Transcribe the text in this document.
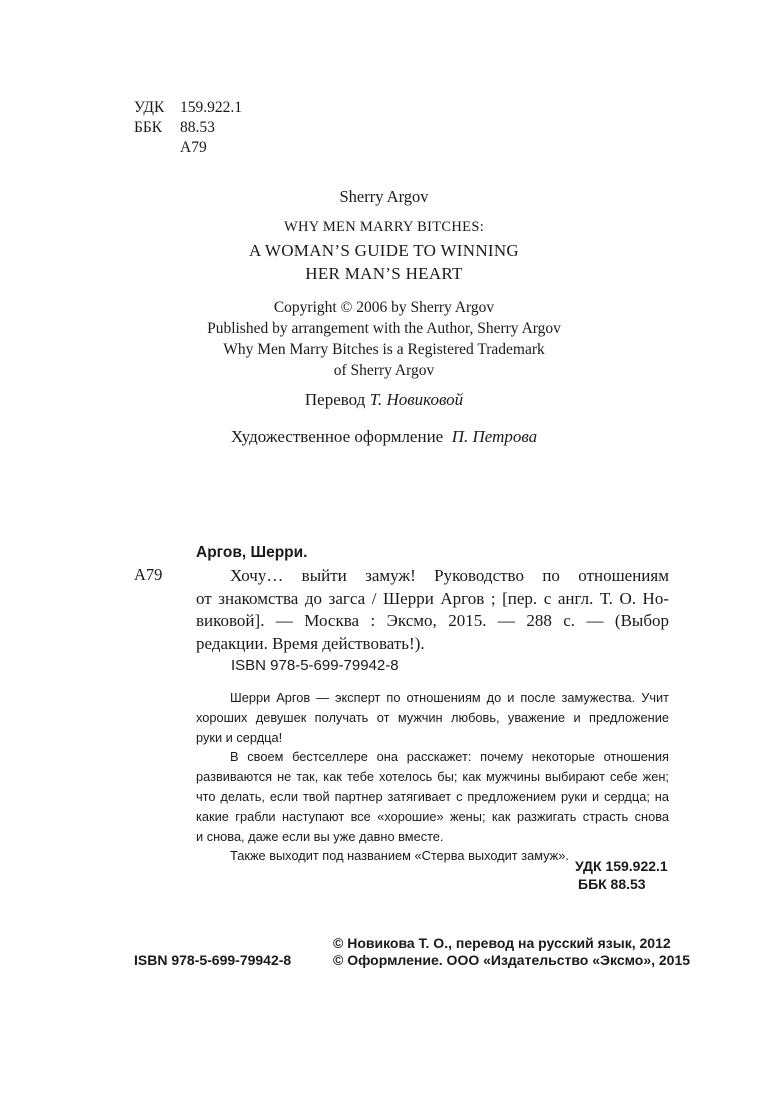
УДК 159.922.1
ББК 88.53
А79
Sherry Argov
WHY MEN MARRY BITCHES:
A WOMAN’S GUIDE TO WINNING
HER MAN’S HEART
Copyright © 2006 by Sherry Argov
Published by arrangement with the Author, Sherry Argov
Why Men Marry Bitches is a Registered Trademark
of Sherry Argov
Перевод Т. Новиковой
Художественное оформление П. Петрова
Аргов, Шерри.
А79	Хочу… выйти замуж! Руководство по отношениям
от знакомства до загса / Шерри Аргов ; [пер. с англ. Т. О. Но-
виковой]. — Москва : Эксмо, 2015. — 288 с. — (Выбор
редакции. Время действовать!).
ISBN 978-5-699-79942-8
Шерри Аргов — эксперт по отношениям до и после замужества. Учит
хороших девушек получать от мужчин любовь, уважение и предложение
руки и сердца!
В своем бестселлере она расскажет: почему некоторые отношения
развиваются не так, как тебе хотелось бы; как мужчины выбирают себе жен;
что делать, если твой партнер затягивает с предложением руки и сердца; на
какие грабли наступают все «хорошие» жены; как разжигать страсть снова
и снова, даже если вы уже давно вместе.
Также выходит под названием «Стерва выходит замуж».
УДК 159.922.1
ББК 88.53
© Новикова Т. О., перевод на русский язык, 2012
ISBN 978-5-699-79942-8	© Оформление. ООО «Издательство «Эксмо», 2015
